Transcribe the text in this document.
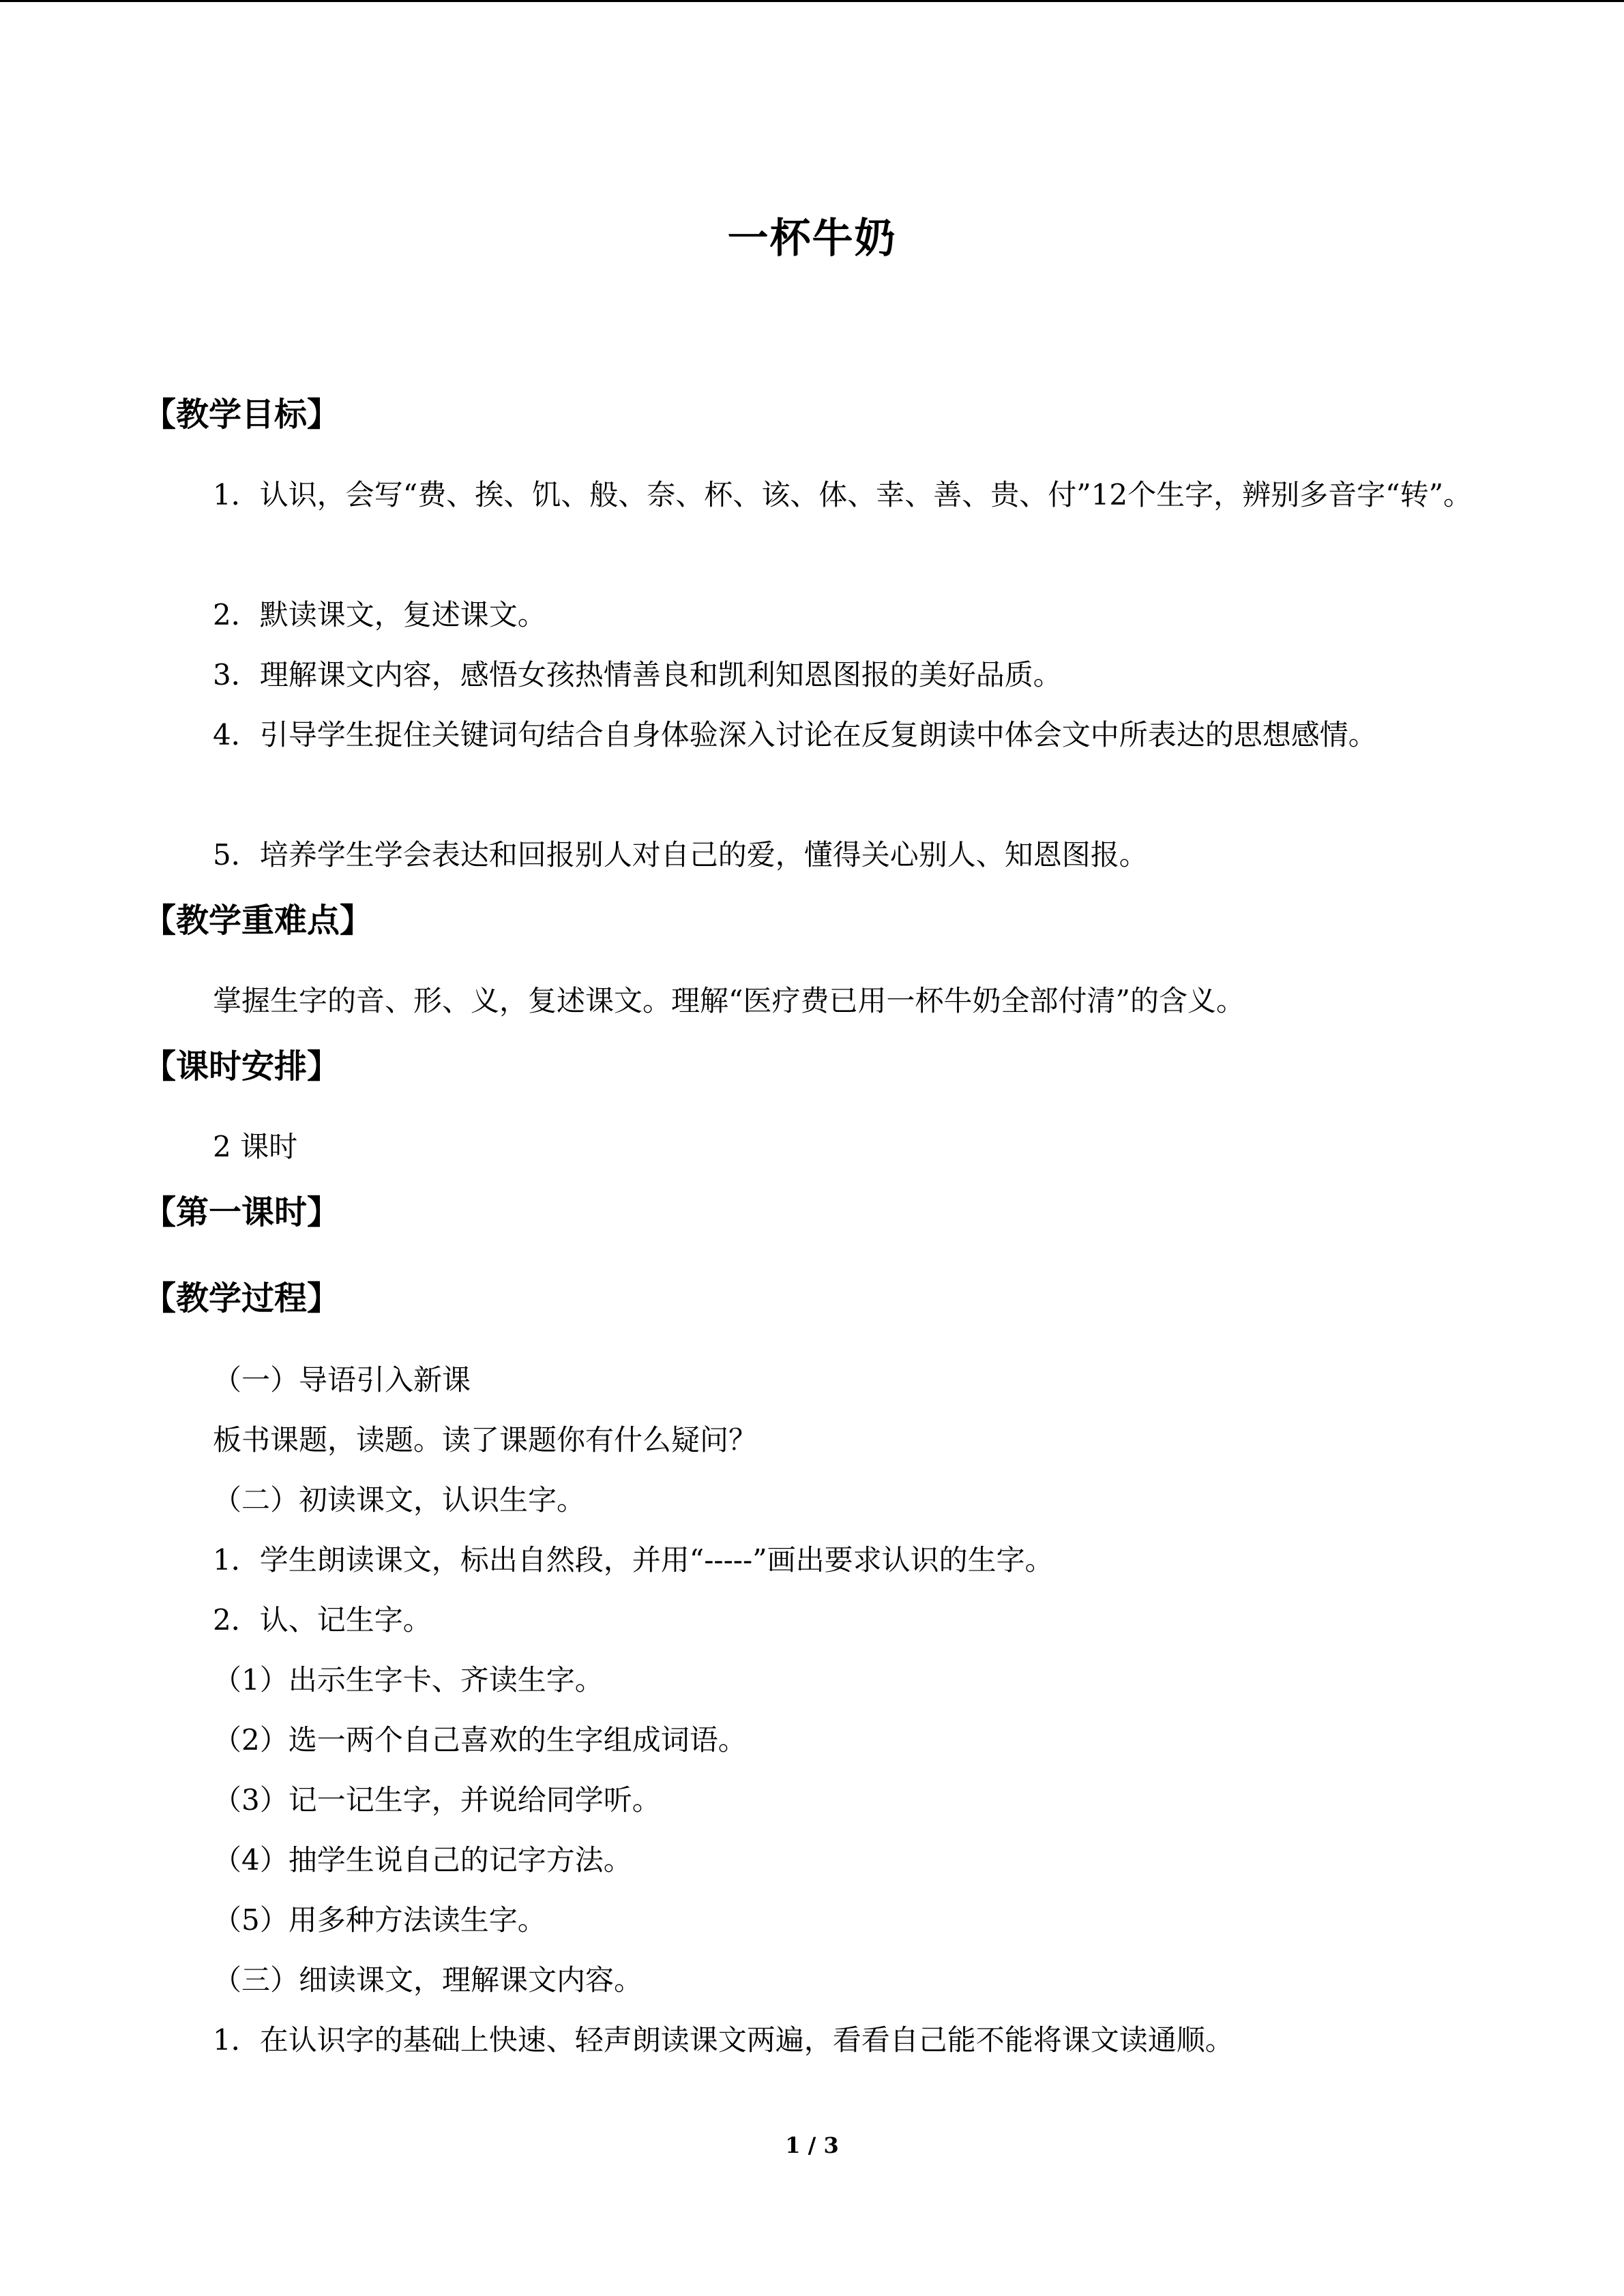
一杯牛奶
【教学目标】

1．认识，会写“费、挨、饥、般、奈、杯、该、体、幸、善、贵、付”12个生字，辨别多音字“转”。

2．默读课文，复述课文。

3．理解课文内容，感悟女孩热情善良和凯利知恩图报的美好品质。

4．引导学生捉住关键词句结合自身体验深入讨论在反复朗读中体会文中所表达的思想感情。

5．培养学生学会表达和回报别人对自己的爱，懂得关心别人、知恩图报。

【教学重难点】

掌握生字的音、形、义，复述课文。理解“医疗费已用一杯牛奶全部付清”的含义。

【课时安排】

2 课时

【第一课时】
【教学过程】
（一）导语引入新课
板书课题，读题。读了课题你有什么疑问？
（二）初读课文，认识生字。
1．学生朗读课文，标出自然段，并用“-----”画出要求认识的生字。
2．认、记生字。
（1）出示生字卡、齐读生字。
（2）选一两个自己喜欢的生字组成词语。
（3）记一记生字，并说给同学听。
（4）抽学生说自己的记字方法。
（5）用多种方法读生字。
（三）细读课文，理解课文内容。
1．在认识字的基础上快速、轻声朗读课文两遍，看看自己能不能将课文读通顺。
1 / 3
